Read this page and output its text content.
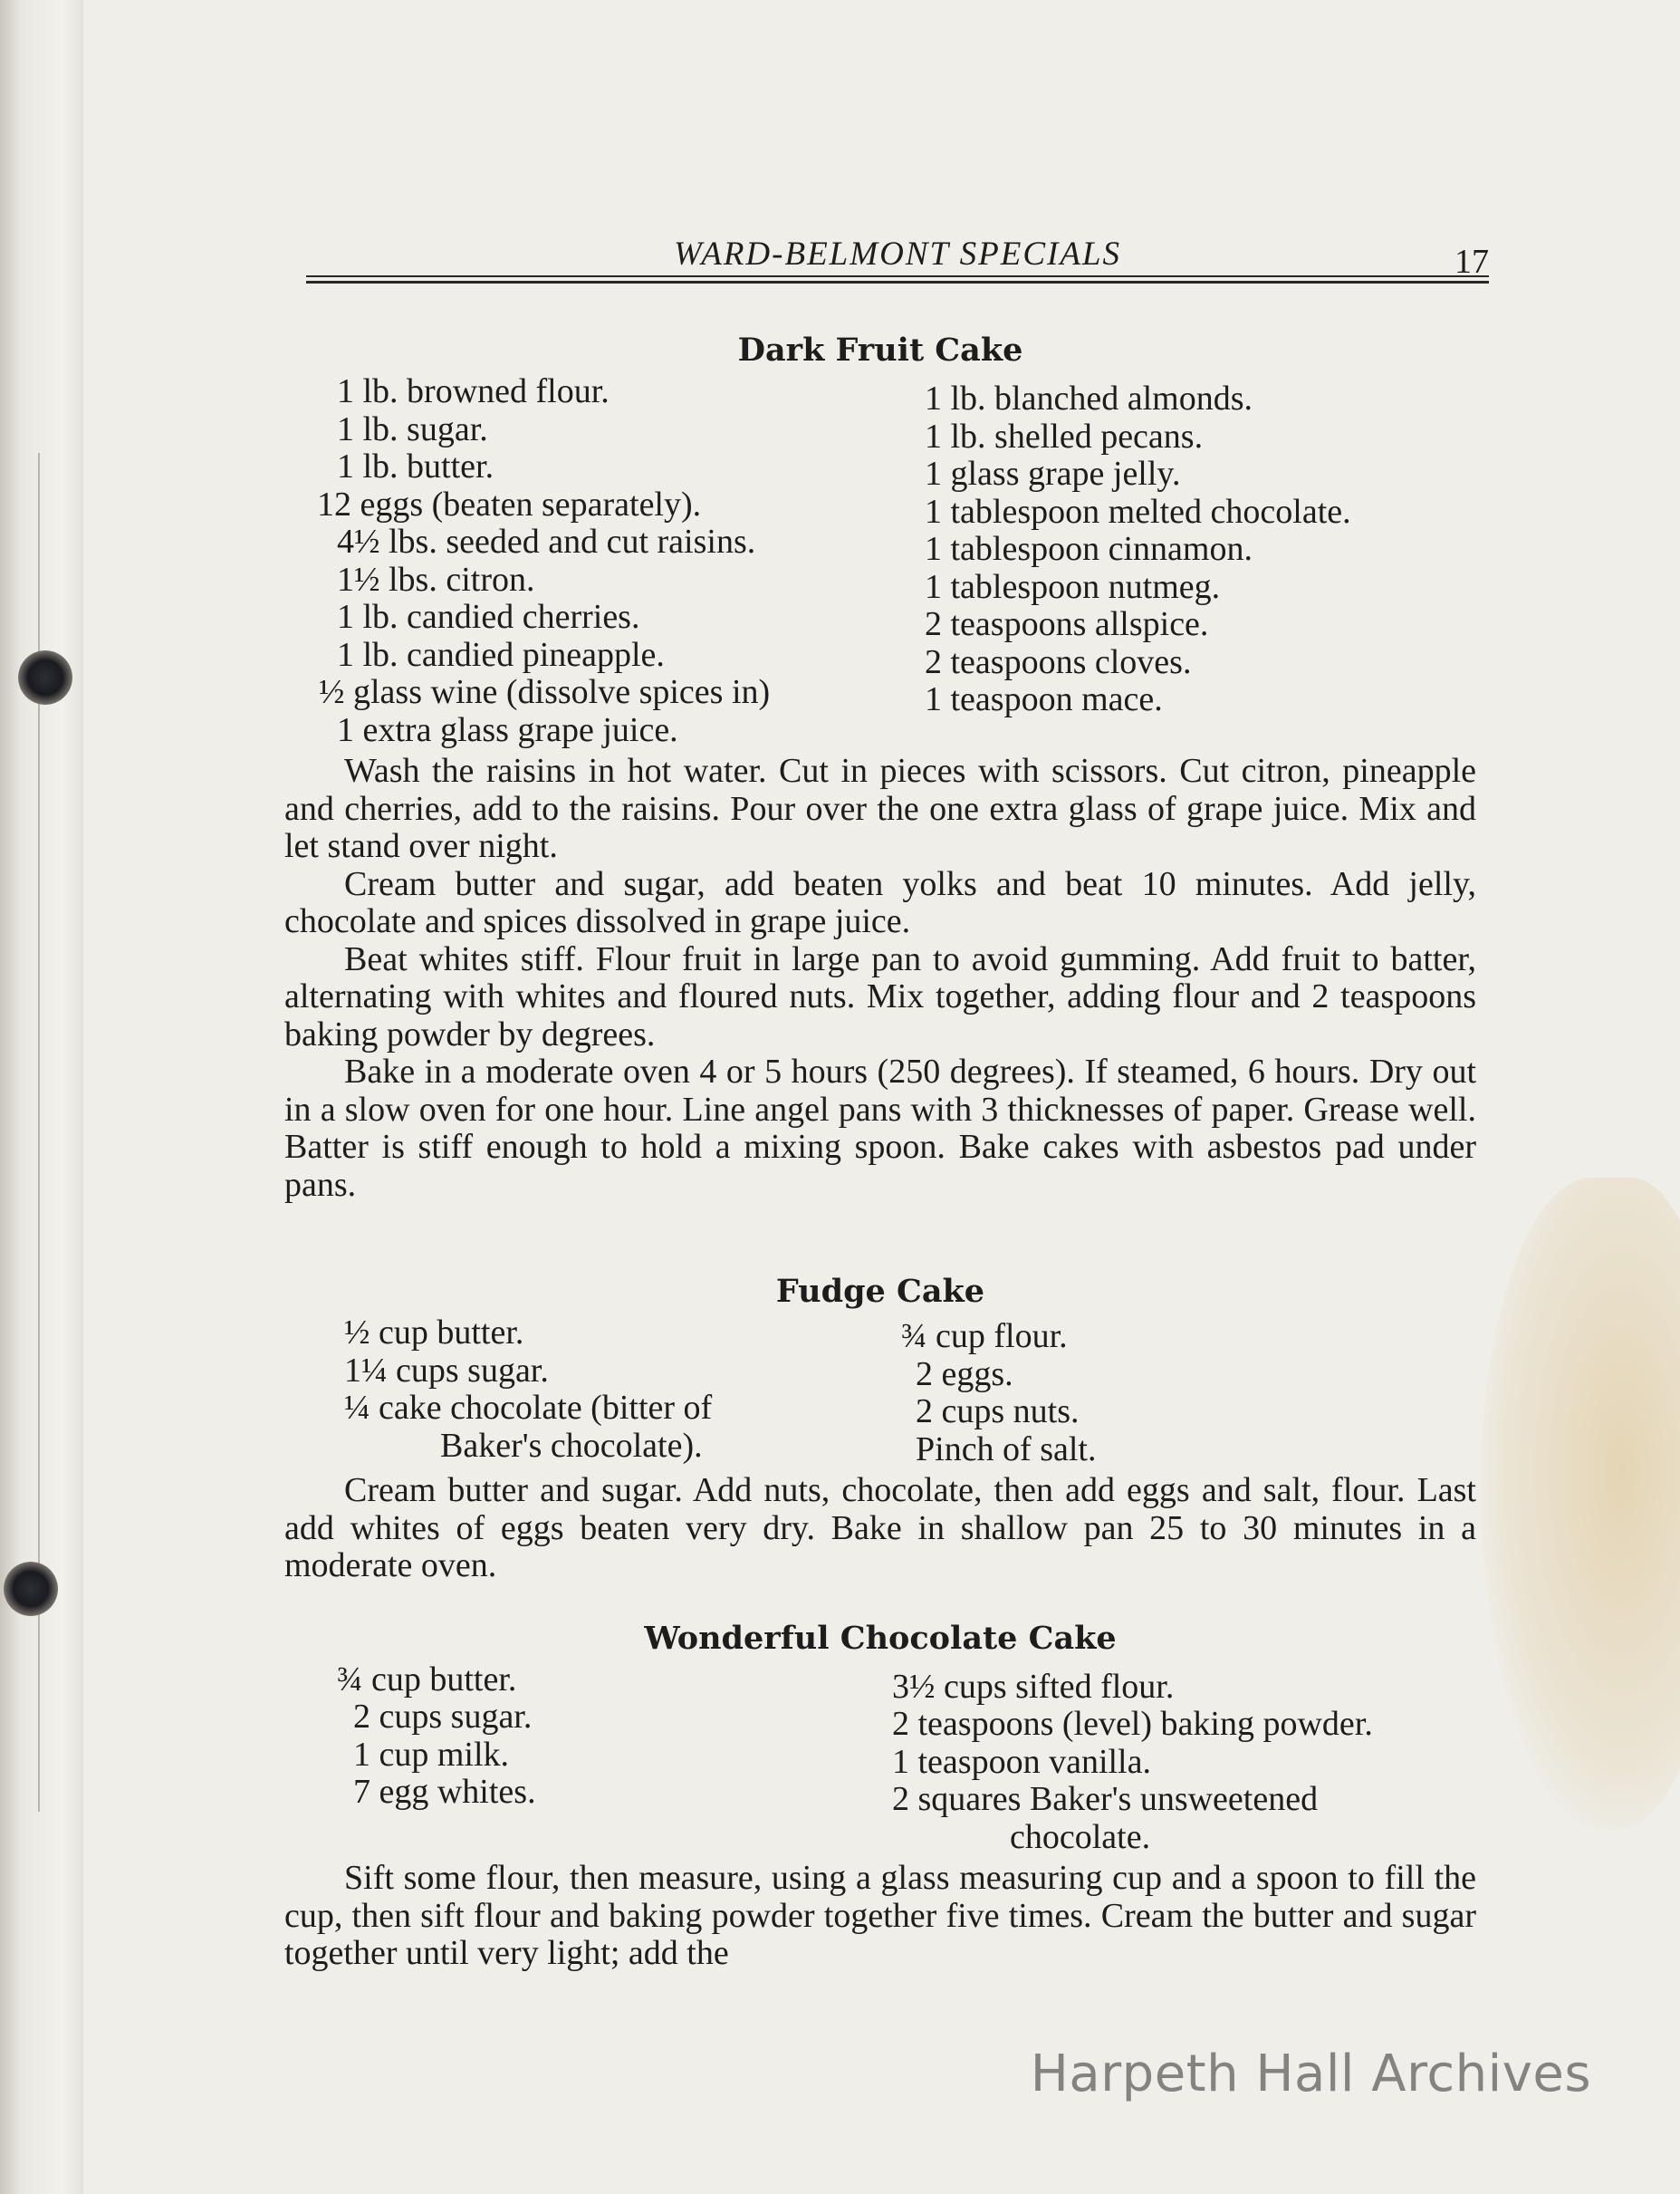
WARD-BELMONT SPECIALS	17
Dark Fruit Cake
1 lb. browned flour.
1 lb. sugar.
1 lb. butter.
12 eggs (beaten separately).
4½ lbs. seeded and cut raisins.
1½ lbs. citron.
1 lb. candied cherries.
1 lb. candied pineapple.
½ glass wine (dissolve spices in)
1 extra glass grape juice.
1 lb. blanched almonds.
1 lb. shelled pecans.
1 glass grape jelly.
1 tablespoon melted chocolate.
1 tablespoon cinnamon.
1 tablespoon nutmeg.
2 teaspoons allspice.
2 teaspoons cloves.
1 teaspoon mace.

Wash the raisins in hot water. Cut in pieces with scissors. Cut citron, pineapple and cherries, add to the raisins. Pour over the one extra glass of grape juice. Mix and let stand over night.

Cream butter and sugar, add beaten yolks and beat 10 minutes. Add jelly, chocolate and spices dissolved in grape juice.

Beat whites stiff. Flour fruit in large pan to avoid gumming. Add fruit to batter, alternating with whites and floured nuts. Mix together, adding flour and 2 teaspoons baking powder by degrees.

Bake in a moderate oven 4 or 5 hours (250 degrees). If steamed, 6 hours. Dry out in a slow oven for one hour. Line angel pans with 3 thicknesses of paper. Grease well. Batter is stiff enough to hold a mixing spoon. Bake cakes with asbestos pad under pans.

Fudge Cake
½ cup butter.
1¼ cups sugar.
¼ cake chocolate (bitter of
Baker's chocolate).
¾ cup flour.
2 eggs.
2 cups nuts.
Pinch of salt.

Cream butter and sugar. Add nuts, chocolate, then add eggs and salt, flour. Last add whites of eggs beaten very dry. Bake in shallow pan 25 to 30 minutes in a moderate oven.

Wonderful Chocolate Cake
¾ cup butter.
2 cups sugar.
1 cup milk.
7 egg whites.
3½ cups sifted flour.
2 teaspoons (level) baking powder.
1 teaspoon vanilla.
2 squares Baker's unsweetened
chocolate.

Sift some flour, then measure, using a glass measuring cup and a spoon to fill the cup, then sift flour and baking powder together five times. Cream the butter and sugar together until very light; add the

Harpeth Hall Archives
